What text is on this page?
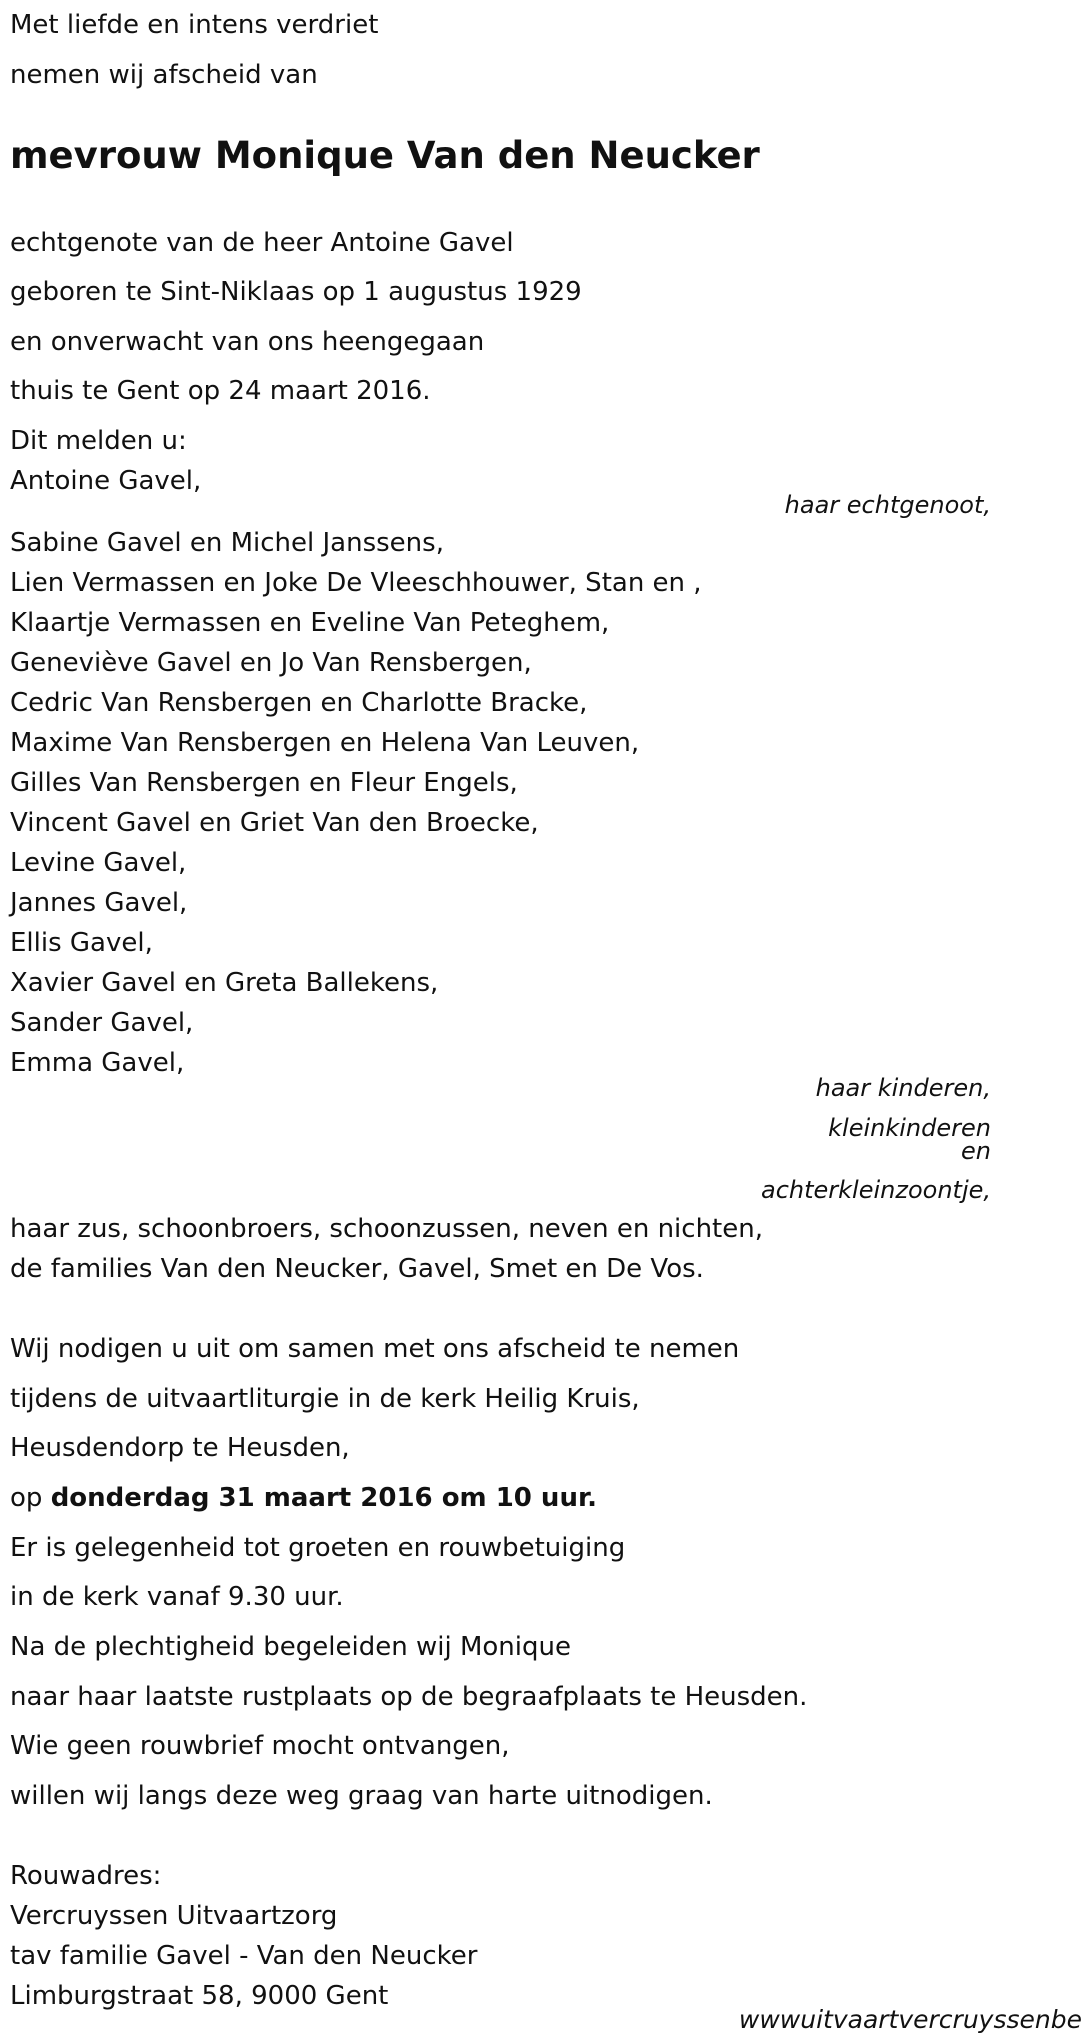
Met liefde en intens verdriet
nemen wij afscheid van
mevrouw Monique Van den Neucker
echtgenote van de heer Antoine Gavel
geboren te Sint-Niklaas op 1 augustus 1929
en onverwacht van ons heengegaan
thuis te Gent op 24 maart 2016.
Dit melden u:
Antoine Gavel,
haar echtgenoot,
Sabine Gavel en Michel Janssens,
Lien Vermassen en Joke De Vleeschhouwer, Stan en ,
Klaartje Vermassen en Eveline Van Peteghem,
Geneviève Gavel en Jo Van Rensbergen,
Cedric Van Rensbergen en Charlotte Bracke,
Maxime Van Rensbergen en Helena Van Leuven,
Gilles Van Rensbergen en Fleur Engels,
Vincent Gavel en Griet Van den Broecke,
Levine Gavel,
Jannes Gavel,
Ellis Gavel,
Xavier Gavel en Greta Ballekens,
Sander Gavel,
Emma Gavel,
haar kinderen,
kleinkinderen
en
achterkleinzoontje,
haar zus, schoonbroers, schoonzussen, neven en nichten,
de families Van den Neucker, Gavel, Smet en De Vos.
Wij nodigen u uit om samen met ons afscheid te nemen
tijdens de uitvaartliturgie in de kerk Heilig Kruis,
Heusdendorp te Heusden,
op donderdag 31 maart 2016 om 10 uur.
Er is gelegenheid tot groeten en rouwbetuiging
in de kerk vanaf 9.30 uur.
Na de plechtigheid begeleiden wij Monique
naar haar laatste rustplaats op de begraafplaats te Heusden.
Wie geen rouwbrief mocht ontvangen,
willen wij langs deze weg graag van harte uitnodigen.
Rouwadres:
Vercruyssen Uitvaartzorg
tav familie Gavel - Van den Neucker
Limburgstraat 58, 9000 Gent
wwwuitvaartvercruyssenbe
